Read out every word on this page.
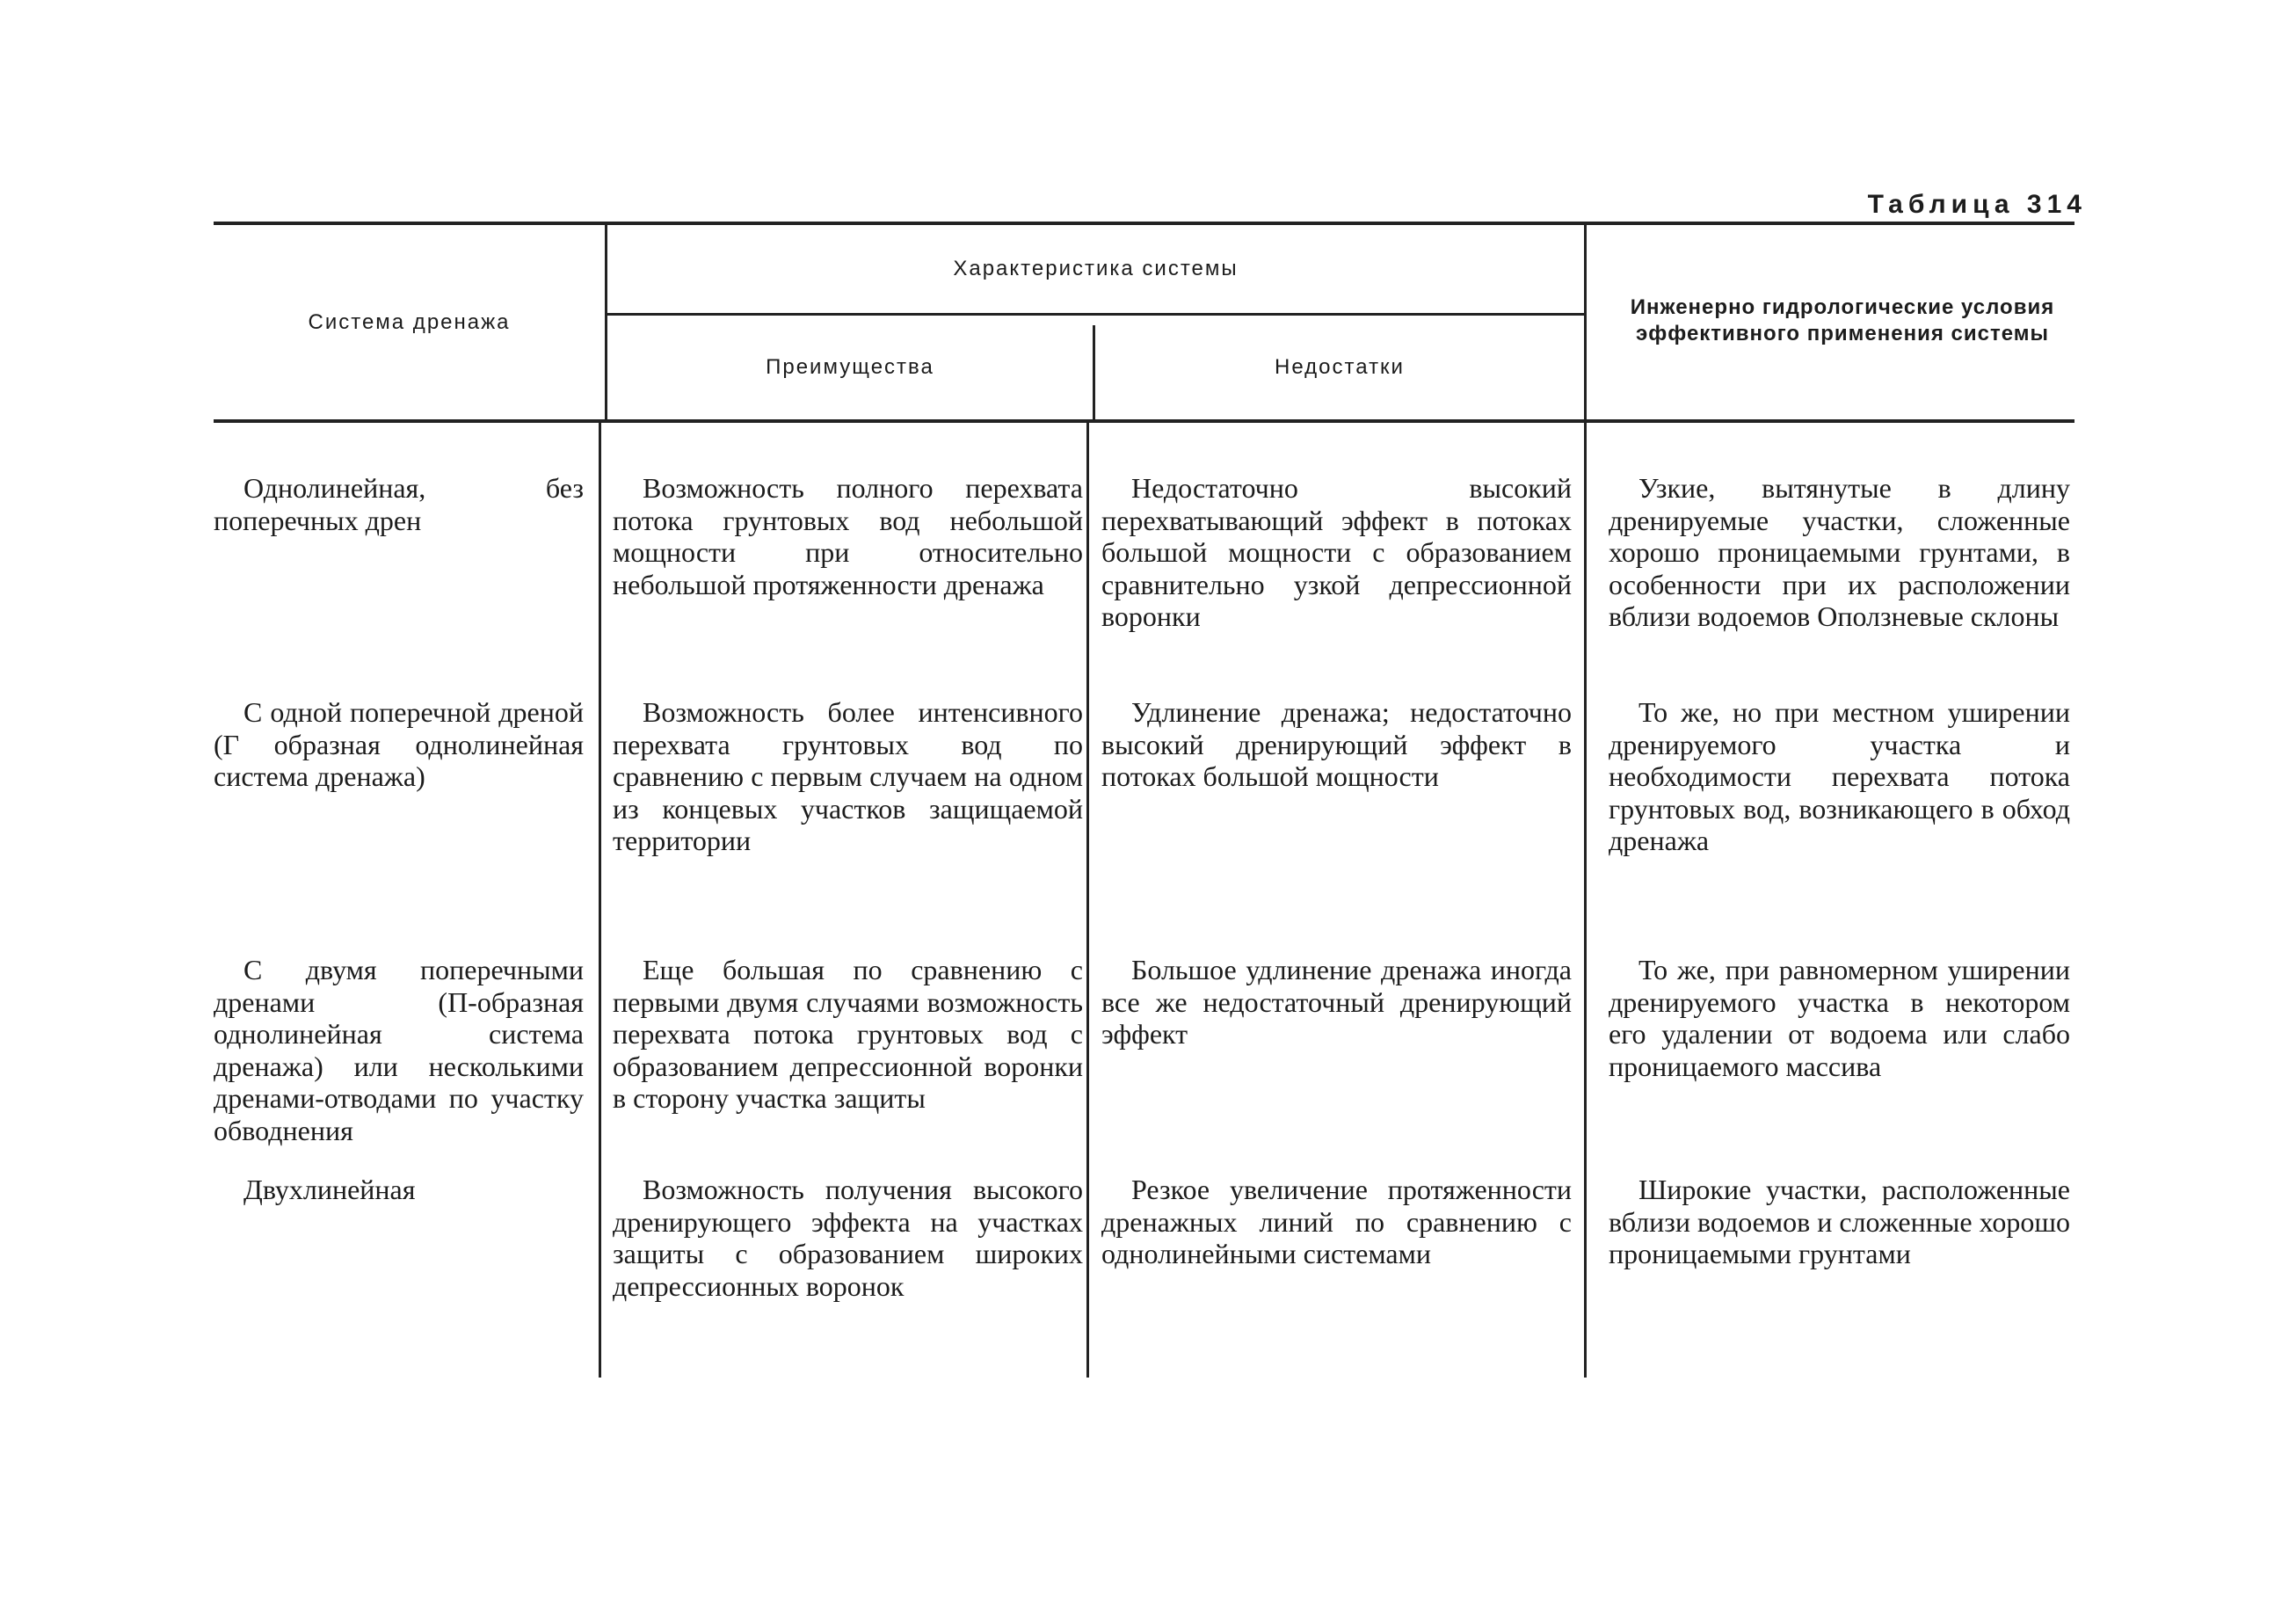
Таблица 314
Система дренажа
Характеристика системы
Преимущества	Недостатки
Инженерно гидрологические условия эффективного применения системы
Однолинейная, без поперечных дрен
Возможность полного перехвата потока грунтовых вод небольшой мощности при относительно небольшой протяженности дренажа
Недостаточно высокий перехватывающий эффект в потоках большой мощности с образованием сравнительно узкой депрессионной воронки
Узкие, вытянутые в длину дренируемые участки, сложенные хорошо проницаемыми грунтами, в особенности при их расположении вблизи водоемов Оползневые склоны
С одной поперечной дреной (Г образная однолинейная система дренажа)
Возможность более интенсивного перехвата грунтовых вод по сравнению с первым случаем на одном из концевых участков защищаемой территории
Удлинение дренажа; недостаточно высокий дренирующий эффект в потоках большой мощности
То же, но при местном уширении дренируемого участка и необходимости перехвата потока грунтовых вод, возникающего в обход дренажа
С двумя поперечными дренами (П-образная однолинейная система дренажа) или несколькими дренами-отводами по участку обводнения
Еще большая по сравнению с первыми двумя случаями возможность перехвата потока грунтовых вод с образованием депрессионной воронки в сторону участка защиты
Большое удлинение дренажа иногда все же недостаточный дренирующий эффект
То же, при равномерном уширении дренируемого участка в некотором его удалении от водоема или слабо проницаемого массива
Двухлинейная	Возможность получения высокого дренирующего эффекта на участках защиты с образованием широких депрессионных воронок
Резкое увеличение протяженности дренажных линий по сравнению с однолинейными системами
Широкие участки, расположенные вблизи водоемов и сложенные хорошо проницаемыми грунтами
